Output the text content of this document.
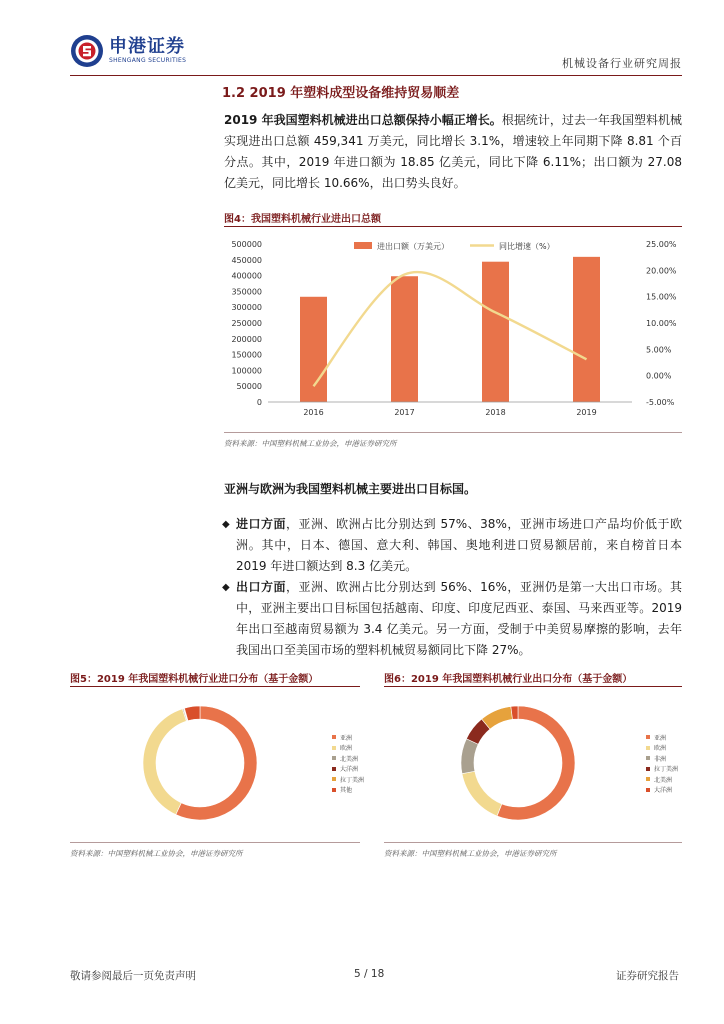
申港证券
SHENGANG SECURITIES	机械设备行业研究周报
1.2 2019 年塑料成型设备维持贸易顺差
2019 年我国塑料机械进出口总额保持小幅正增长。根据统计，过去一年我国塑料机械实现进出口总额 459,341 万美元，同比增长 3.1%，增速较上年同期下降 8.81 个百分点。其中，2019 年进口额为 18.85 亿美元，同比下降 6.11%；出口额为 27.08 亿美元，同比增长 10.66%，出口势头良好。
图4：我国塑料机械行业进出口总额
500000
450000
400000
350000
300000
250000
200000
150000
100000
50000
0
25.00%
20.00%
15.00%
10.00%
5.00%
0.00%
-5.00%
2016	2017	2018	2019
进出口额（万美元）	同比增速（%）
资料来源：中国塑料机械工业协会，申港证券研究所
亚洲与欧洲为我国塑料机械主要进出口目标国。
◆ 进口方面，亚洲、欧洲占比分别达到 57%、38%，亚洲市场进口产品均价低于欧洲。其中，日本、德国、意大利、韩国、奥地利进口贸易额居前，来自榜首日本 2019 年进口额达到 8.3 亿美元。
◆ 出口方面，亚洲、欧洲占比分别达到 56%、16%，亚洲仍是第一大出口市场。其中，亚洲主要出口目标国包括越南、印度、印度尼西亚、泰国、马来西亚等。2019 年出口至越南贸易额为 3.4 亿美元。另一方面，受制于中美贸易摩擦的影响，去年我国出口至美国市场的塑料机械贸易额同比下降 27%。
图5：2019 年我国塑料机械行业进口分布（基于金额）
亚洲
欧洲
北美洲
大洋洲
拉丁美洲
其他
资料来源：中国塑料机械工业协会，申港证券研究所
图6：2019 年我国塑料机械行业出口分布（基于金额）
亚洲
欧洲
非洲
拉丁美洲
北美洲
大洋洲
资料来源：中国塑料机械工业协会，申港证券研究所
敬请参阅最后一页免责声明	5 / 18	证券研究报告
